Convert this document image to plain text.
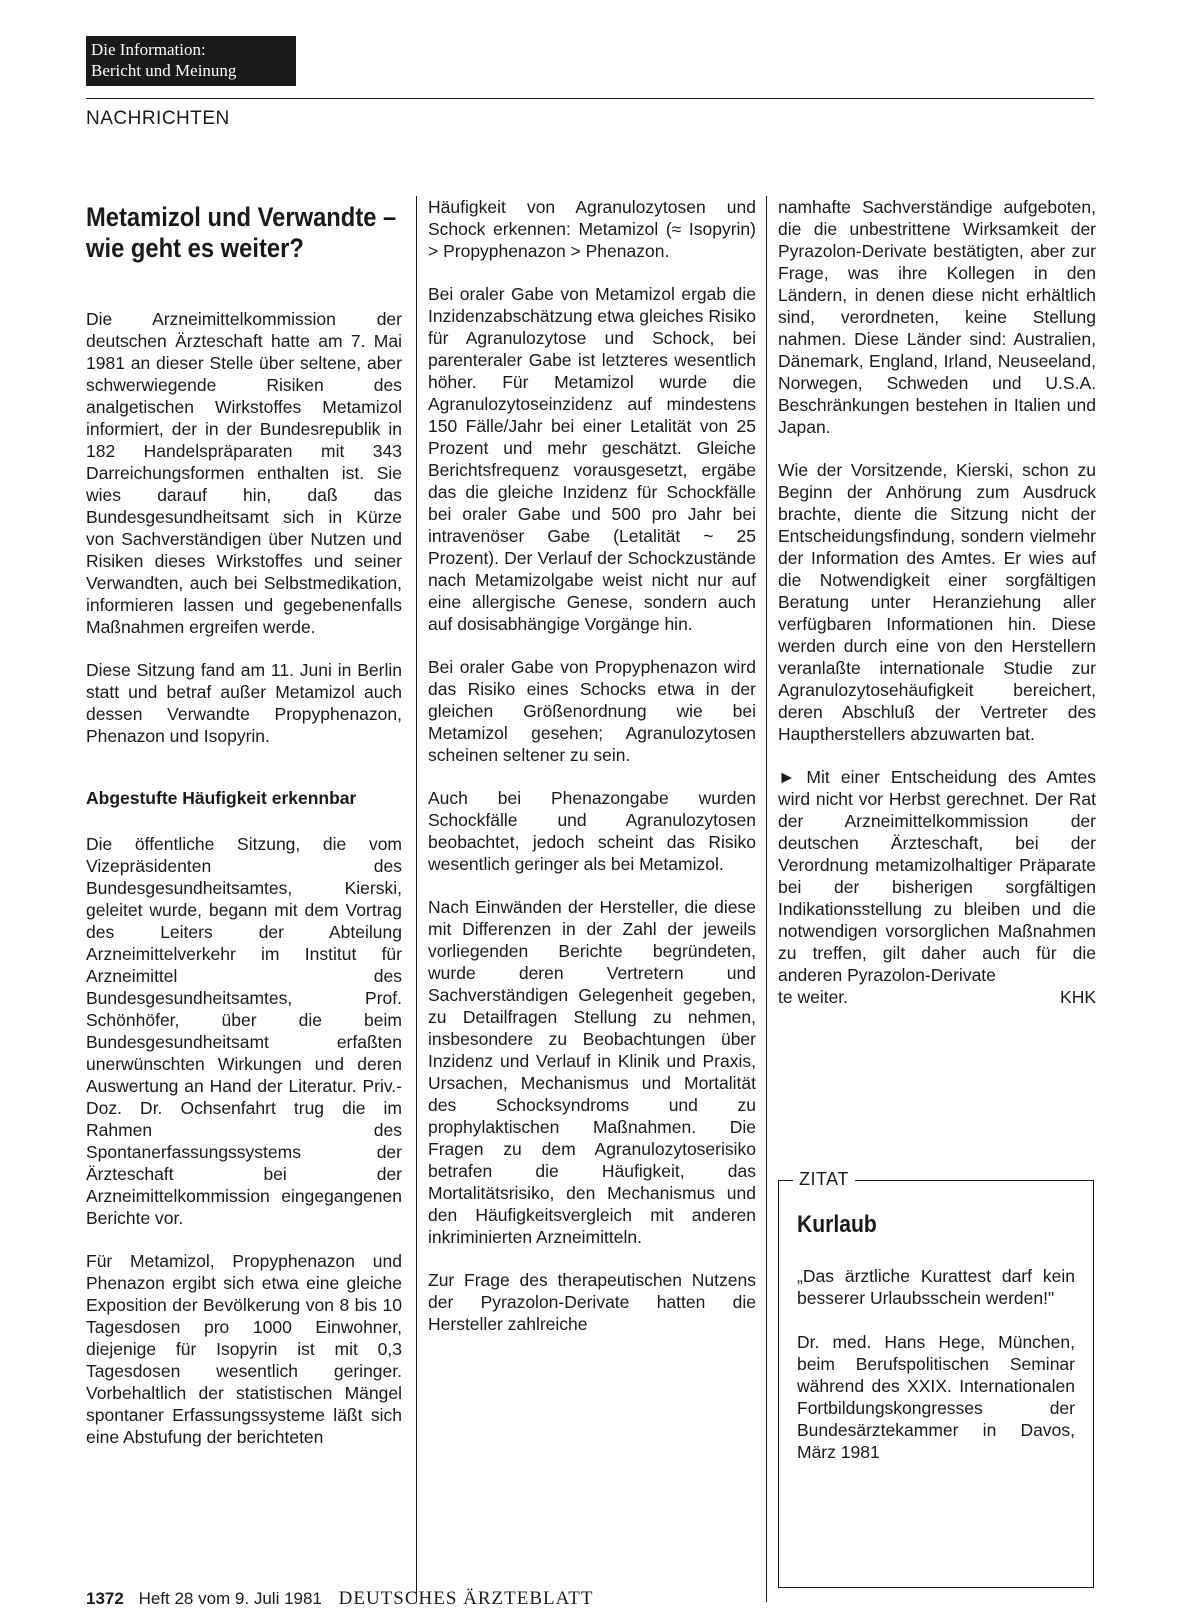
Die Information:
Bericht und Meinung
NACHRICHTEN
Metamizol und Verwandte – wie geht es weiter?

Die Arzneimittelkommission der deutschen Ärzteschaft hatte am 7. Mai 1981 an dieser Stelle über seltene, aber schwerwiegende Risiken des analgetischen Wirkstoffes Metamizol informiert, der in der Bundesrepublik in 182 Handelspräparaten mit 343 Darreichungsformen enthalten ist. Sie wies darauf hin, daß das Bundesgesundheitsamt sich in Kürze von Sachverständigen über Nutzen und Risiken dieses Wirkstoffes und seiner Verwandten, auch bei Selbstmedikation, informieren lassen und gegebenenfalls Maßnahmen ergreifen werde.

Diese Sitzung fand am 11. Juni in Berlin statt und betraf außer Metamizol auch dessen Verwandte Propyphenazon, Phenazon und Isopyrin.

Abgestufte Häufigkeit erkennbar

Die öffentliche Sitzung, die vom Vizepräsidenten des Bundesgesundheitsamtes, Kierski, geleitet wurde, begann mit dem Vortrag des Leiters der Abteilung Arzneimittelverkehr im Institut für Arzneimittel des Bundesgesundheitsamtes, Prof. Schönhöfer, über die beim Bundesgesundheitsamt erfaßten unerwünschten Wirkungen und deren Auswertung an Hand der Literatur. Priv.-Doz. Dr. Ochsenfahrt trug die im Rahmen des Spontanerfassungssystems der Ärzteschaft bei der Arzneimittelkommission eingegangenen Berichte vor.

Für Metamizol, Propyphenazon und Phenazon ergibt sich etwa eine gleiche Exposition der Bevölkerung von 8 bis 10 Tagesdosen pro 1000 Einwohner, diejenige für Isopyrin ist mit 0,3 Tagesdosen wesentlich geringer. Vorbehaltlich der statistischen Mängel spontaner Erfassungssysteme läßt sich eine Abstufung der berichteten

Häufigkeit von Agranulozytosen und Schock erkennen: Metamizol (≈ Isopyrin) > Propyphenazon > Phenazon.

Bei oraler Gabe von Metamizol ergab die Inzidenzabschätzung etwa gleiches Risiko für Agranulozytose und Schock, bei parenteraler Gabe ist letzteres wesentlich höher. Für Metamizol wurde die Agranulozytoseinzidenz auf mindestens 150 Fälle/Jahr bei einer Letalität von 25 Prozent und mehr geschätzt. Gleiche Berichtsfrequenz vorausgesetzt, ergäbe das die gleiche Inzidenz für Schockfälle bei oraler Gabe und 500 pro Jahr bei intravenöser Gabe (Letalität ~ 25 Prozent). Der Verlauf der Schockzustände nach Metamizolgabe weist nicht nur auf eine allergische Genese, sondern auch auf dosisabhängige Vorgänge hin.

Bei oraler Gabe von Propyphenazon wird das Risiko eines Schocks etwa in der gleichen Größenordnung wie bei Metamizol gesehen; Agranulozytosen scheinen seltener zu sein.

Auch bei Phenazongabe wurden Schockfälle und Agranulozytosen beobachtet, jedoch scheint das Risiko wesentlich geringer als bei Metamizol.

Nach Einwänden der Hersteller, die diese mit Differenzen in der Zahl der jeweils vorliegenden Berichte begründeten, wurde deren Vertretern und Sachverständigen Gelegenheit gegeben, zu Detailfragen Stellung zu nehmen, insbesondere zu Beobachtungen über Inzidenz und Verlauf in Klinik und Praxis, Ursachen, Mechanismus und Mortalität des Schocksyndroms und zu prophylaktischen Maßnahmen. Die Fragen zu dem Agranulozytoserisiko betrafen die Häufigkeit, das Mortalitätsrisiko, den Mechanismus und den Häufigkeitsvergleich mit anderen inkriminierten Arzneimitteln.

Zur Frage des therapeutischen Nutzens der Pyrazolon-Derivate hatten die Hersteller zahlreiche

namhafte Sachverständige aufgeboten, die die unbestrittene Wirksamkeit der Pyrazolon-Derivate bestätigten, aber zur Frage, was ihre Kollegen in den Ländern, in denen diese nicht erhältlich sind, verordneten, keine Stellung nahmen. Diese Länder sind: Australien, Dänemark, England, Irland, Neuseeland, Norwegen, Schweden und U.S.A. Beschränkungen bestehen in Italien und Japan.

Wie der Vorsitzende, Kierski, schon zu Beginn der Anhörung zum Ausdruck brachte, diente die Sitzung nicht der Entscheidungsfindung, sondern vielmehr der Information des Amtes. Er wies auf die Notwendigkeit einer sorgfältigen Beratung unter Heranziehung aller verfügbaren Informationen hin. Diese werden durch eine von den Herstellern veranlaßte internationale Studie zur Agranulozytosehäufigkeit bereichert, deren Abschluß der Vertreter des Hauptherstellers abzuwarten bat.

► Mit einer Entscheidung des Amtes wird nicht vor Herbst gerechnet. Der Rat der Arzneimittelkommission der deutschen Ärzteschaft, bei der Verordnung metamizolhaltiger Präparate bei der bisherigen sorgfältigen Indikationsstellung zu bleiben und die notwendigen vorsorglichen Maßnahmen zu treffen, gilt daher auch für die anderen Pyrazolon-Derivate

te weiter.	KHK
ZITAT
Kurlaub
„Das ärztliche Kurattest darf kein besserer Urlaubsschein werden!"
Dr. med. Hans Hege, München, beim Berufspolitischen Seminar während des XXIX. Internationalen Fortbildungskongresses der Bundesärztekammer in Davos, März 1981
1372 Heft 28 vom 9. Juli 1981 DEUTSCHES ÄRZTEBLATT
